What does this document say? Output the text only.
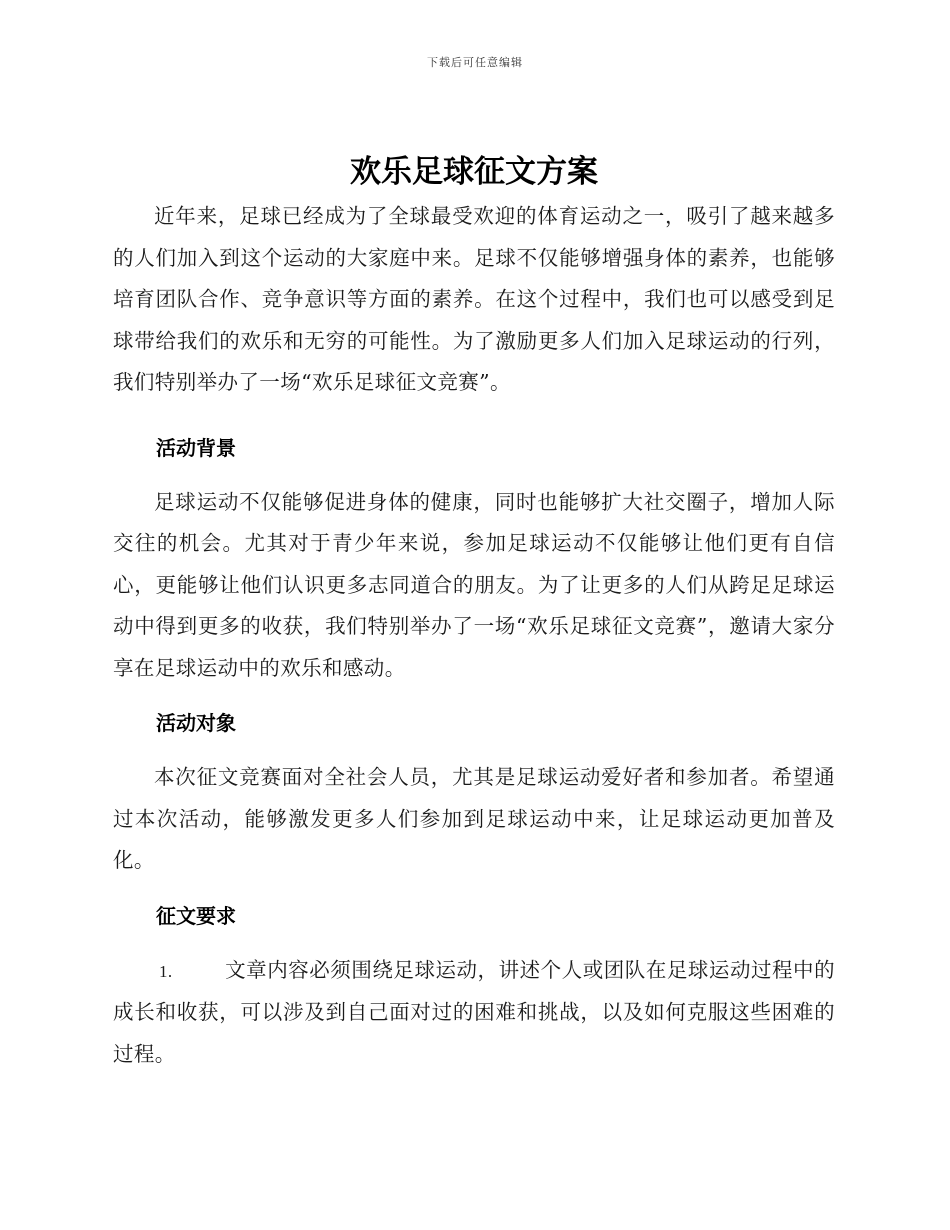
下载后可任意编辑
欢乐足球征文方案

近年来，足球已经成为了全球最受欢迎的体育运动之一，吸引了越来越多的人们加入到这个运动的大家庭中来。足球不仅能够增强身体的素养，也能够培育团队合作、竞争意识等方面的素养。在这个过程中，我们也可以感受到足球带给我们的欢乐和无穷的可能性。为了激励更多人们加入足球运动的行列，我们特别举办了一场“欢乐足球征文竞赛”。

活动背景

足球运动不仅能够促进身体的健康，同时也能够扩大社交圈子，增加人际交往的机会。尤其对于青少年来说，参加足球运动不仅能够让他们更有自信心，更能够让他们认识更多志同道合的朋友。为了让更多的人们从跨足足球运动中得到更多的收获，我们特别举办了一场“欢乐足球征文竞赛”，邀请大家分享在足球运动中的欢乐和感动。

活动对象

本次征文竞赛面对全社会人员，尤其是足球运动爱好者和参加者。希望通过本次活动，能够激发更多人们参加到足球运动中来，让足球运动更加普及化。

征文要求

1.	文章内容必须围绕足球运动，讲述个人或团队在足球运动过程中的成长和收获，可以涉及到自己面对过的困难和挑战，以及如何克服这些困难的过程。
